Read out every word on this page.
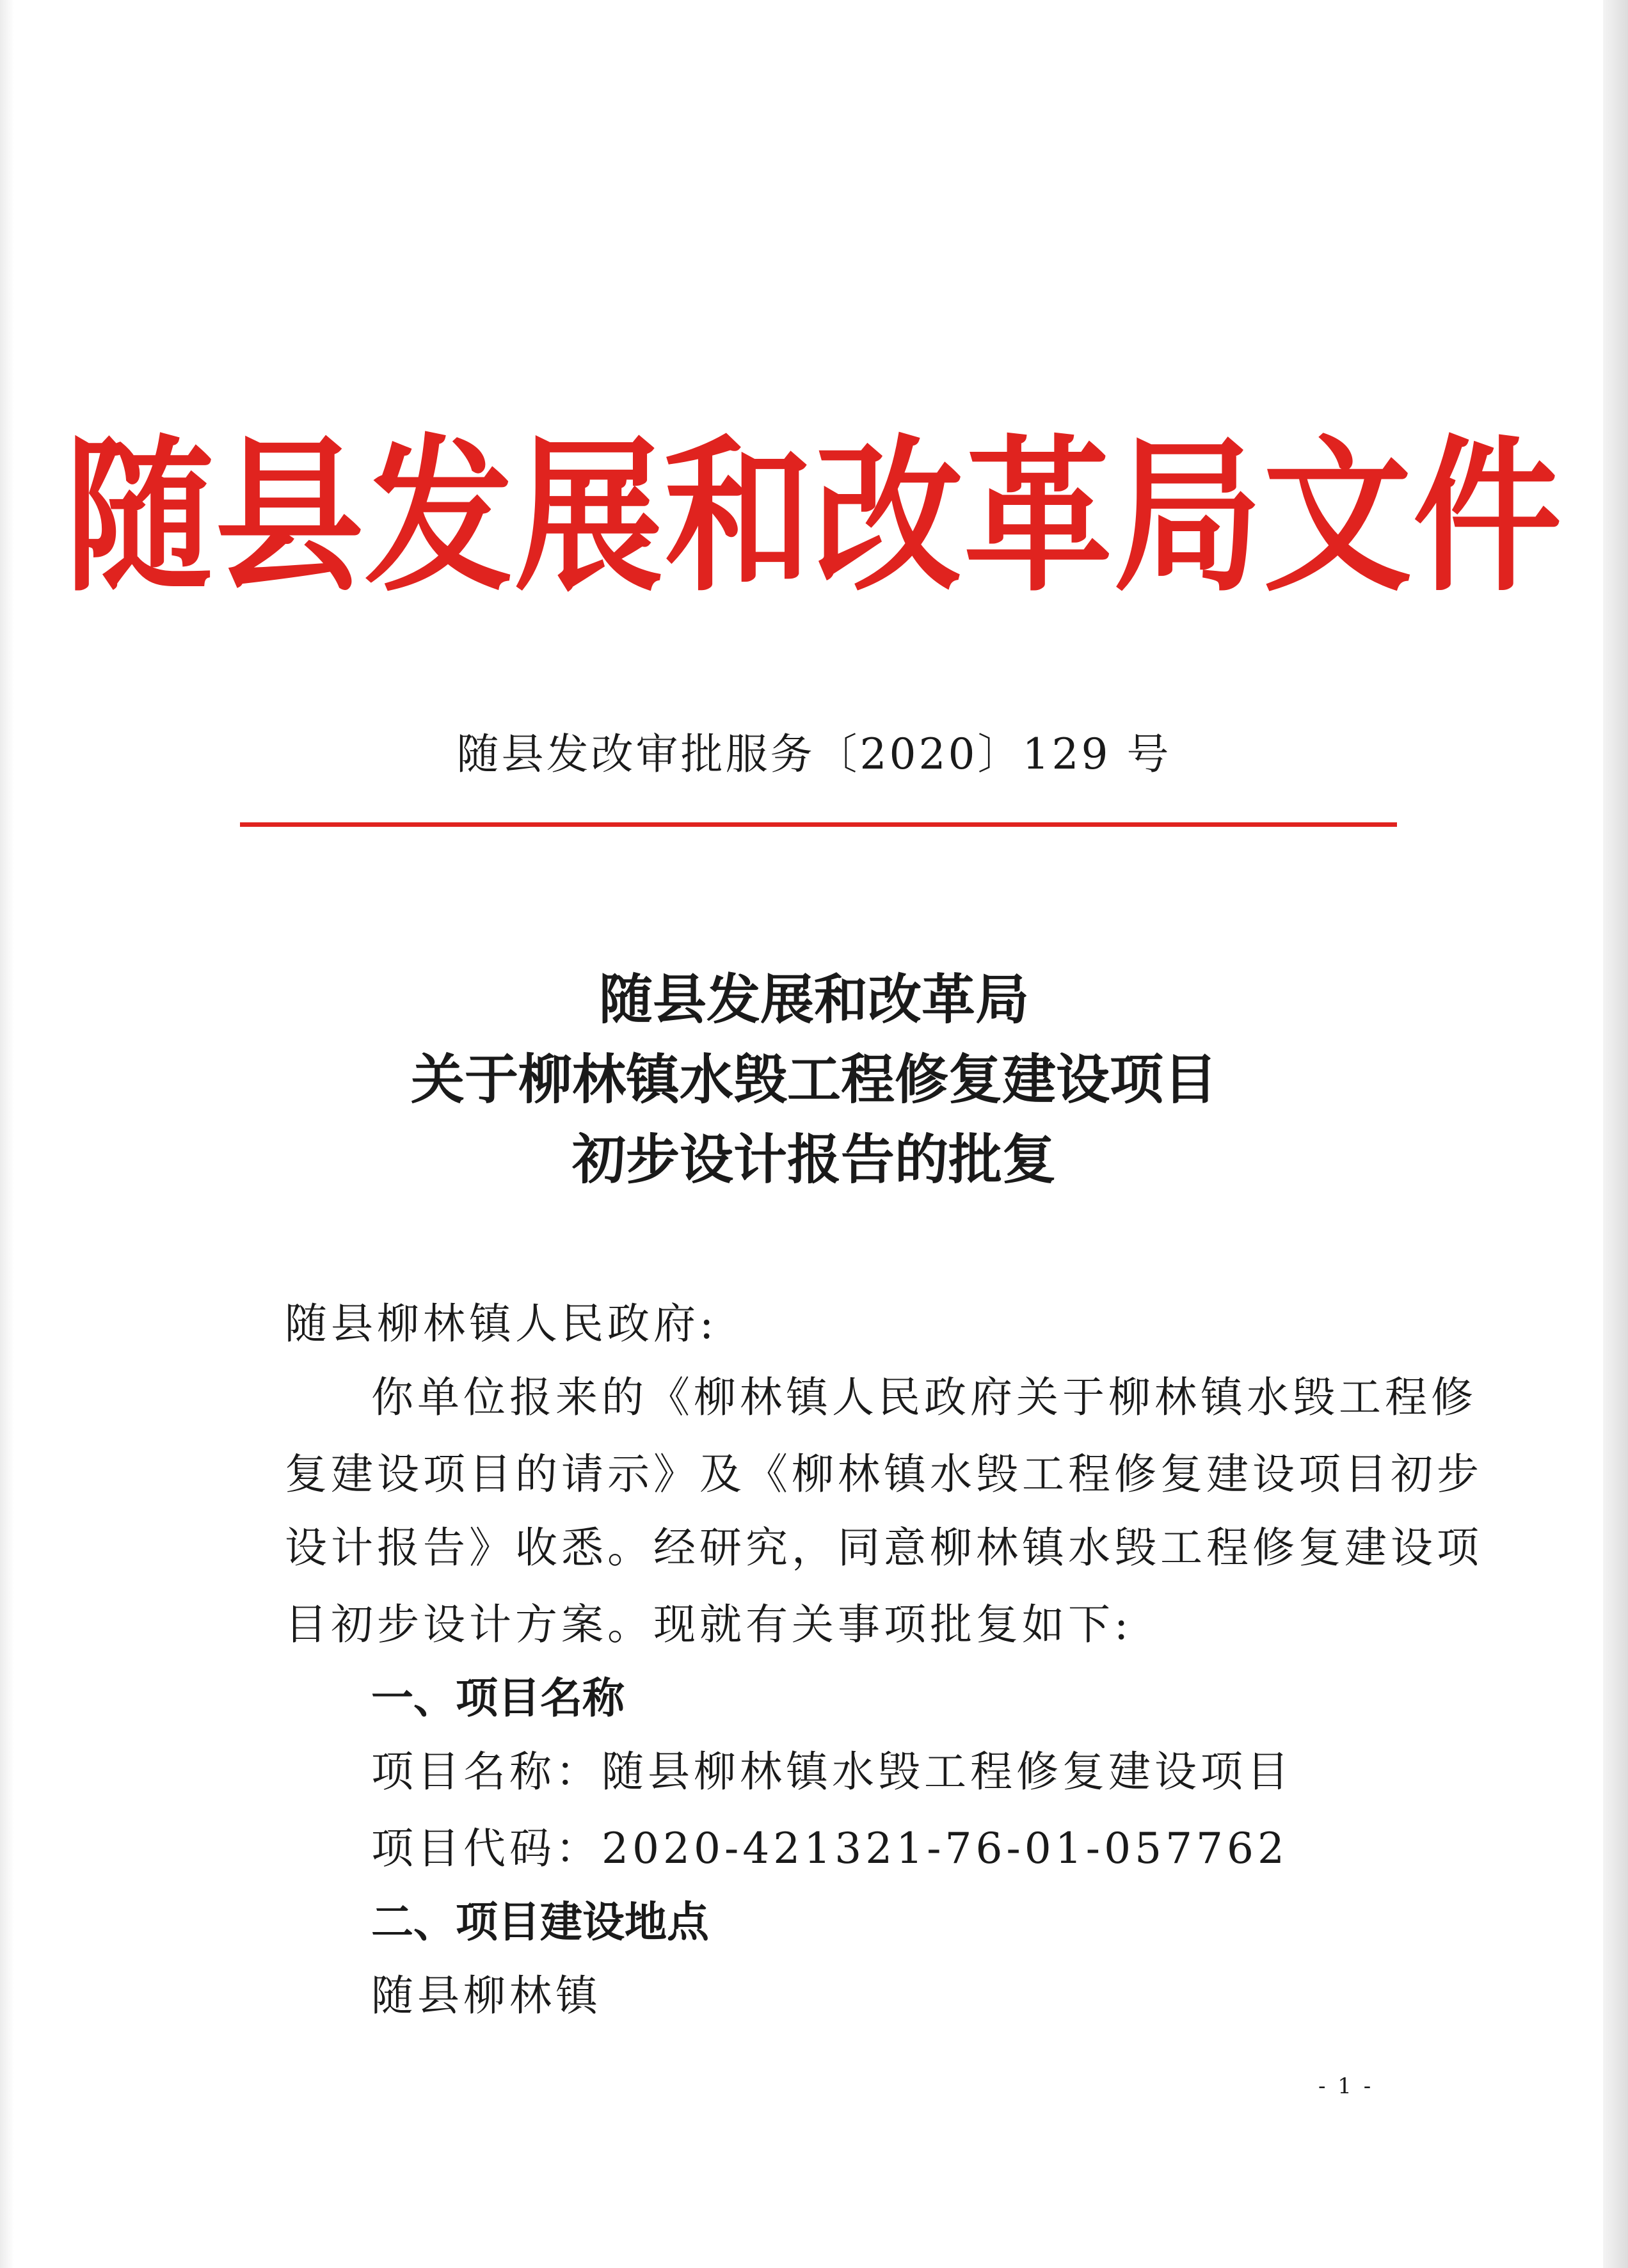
随县发展和改革局文件
随县发改审批服务〔2020〕129 号
随县发展和改革局
关于柳林镇水毁工程修复建设项目
初步设计报告的批复
随县柳林镇人民政府:
你单位报来的《柳林镇人民政府关于柳林镇水毁工程修
复建设项目的请示》及《柳林镇水毁工程修复建设项目初步
设计报告》收悉。经研究，同意柳林镇水毁工程修复建设项
目初步设计方案。现就有关事项批复如下:
一、项目名称
项目名称：随县柳林镇水毁工程修复建设项目
项目代码：2020-421321-76-01-057762
二、项目建设地点
随县柳林镇
- 1 -
